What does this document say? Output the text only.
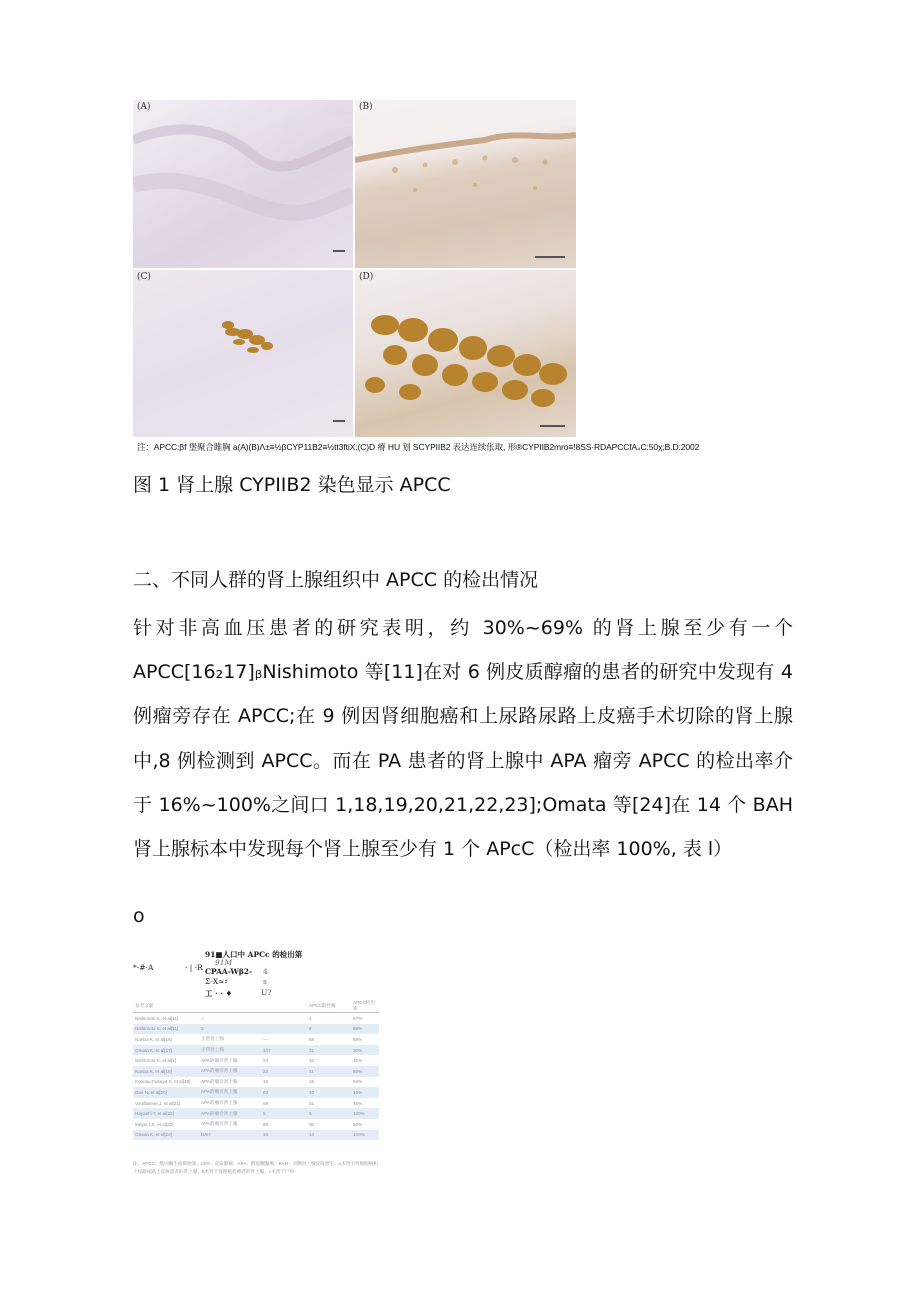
(A)	(B)
(C)	(D)
注：APCC:βf 堡聚合雎胸 a(A)(B)Λ±≡½βCYP11B2≡½tt3ftiX;(C)D 瘠 HU 划 SCYPIIB2 表达连续伥取, 形®CYPIIB2mro≡!8SS·RDAPCCfA₄C:50χ;B.D:2002
图 1 肾上腺 CYPIIB2 染色显示 APCC
二、不同人群的肾上腺组织中 APCC 的检出情况
针对非高血压患者的研究表明，约 30%~69% 的肾上腺至少有一个 APCC[16₂17]ᵦNishimoto 等[11]在对 6 例皮质醇瘤的患者的研究中发现有 4 例瘤旁存在 APCC;在 9 例因肾细胞癌和上尿路尿路上皮癌手术切除的肾上腺中,8 例检测到 APCC。而在 PA 患者的肾上腺中 APA 瘤旁 APCC 的检出率介于 16%~100%之间口 1,18,19,20,21,22,23];Omata 等[24]在 14 个 BAH 肾上腺标本中发现每个肾上腺至少有 1 个 APcC（检出率 100%, 表 l）
o
*-#·A	· | ·R
91■人口中 APCc 的检出第
91M
CPAA-Wβ2-
Σ-X≈♯
工 · · ♦
4
s
U?
参考文献			APCC阳性数	APCC检出率
Nishimoto K, et al[11]	□		4	67%
Nishimoto K, et al[11]	3		8	89%
Nanba K, et al[16]	正常肾上腺	—	88	69%
Omata K, et al[17]	正常肾上腺	107	31	30%
Nishimoto K, et al[1]	APA的瘤旁肾上腺	24	10	42%
Nanba K, et al[18]	APA的瘤旁肾上腺	22	11	50%
Konosu-Fukaya S, et al[19]	APA的瘤旁肾上腺	16	15	94%
Dan N, et al[20]	APA的瘤旁肾上腺	63	10	16%
Vouillarmet J, et al[21]	APA的瘤旁肾上腺	69	31	45%
Hayashi T, et al[22]	APA的瘤旁肾上腺	5	5	100%
Meyer LS, et al[23]	APA的瘤旁肾上腺	60	30	50%
Omata K, et al[24]	BAH	14	14	100%
注：APCC：醛固酮生成细胞簇；CPA：皮质醇瘤；APA：醛固酮腺瘤；BAH：双侧肾上腺皮质增生；a术肾于肾细胞癌和上尿路尿路上皮癌患者的肾上腺；b术肾于肾移植捐赠者的肾上腺；c术肾于尸检
